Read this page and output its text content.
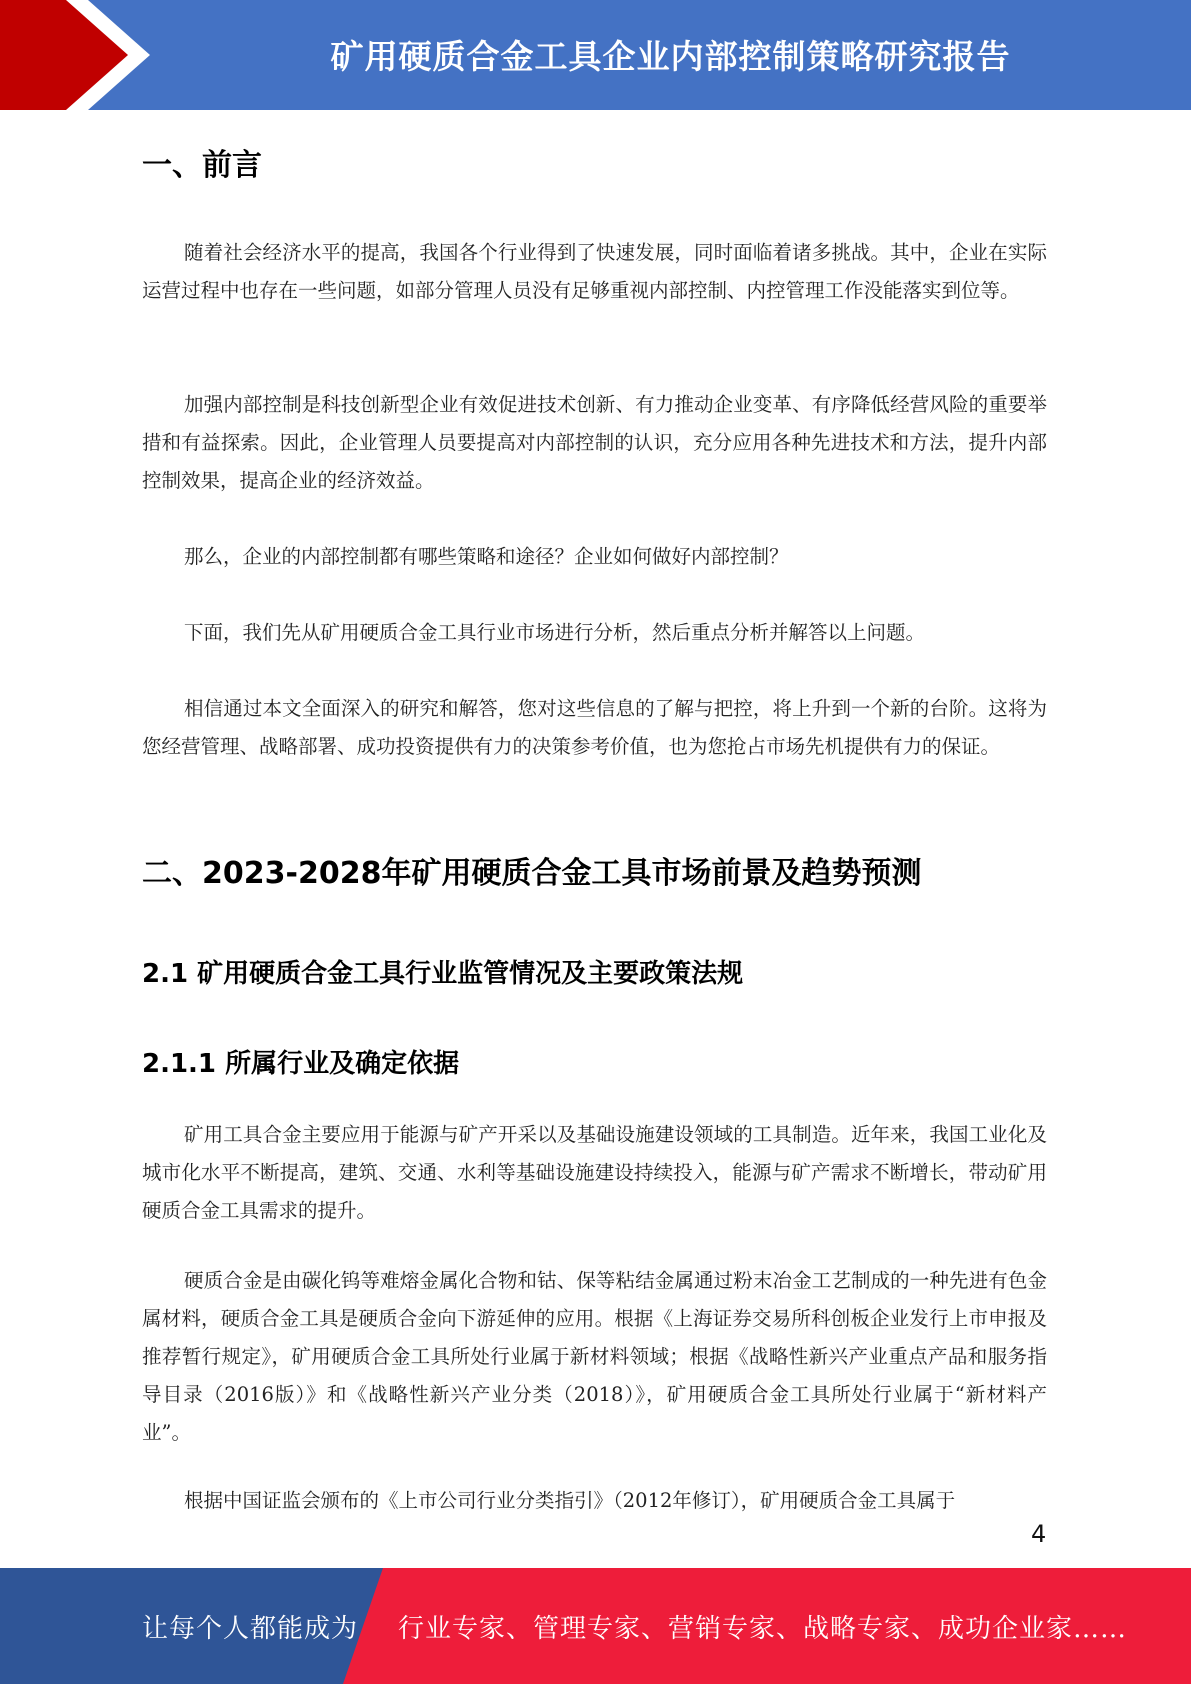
矿用硬质合金工具企业内部控制策略研究报告
一、前言
随着社会经济水平的提高，我国各个行业得到了快速发展，同时面临着诸多挑战。其中，企业在实际运营过程中也存在一些问题，如部分管理人员没有足够重视内部控制、内控管理工作没能落实到位等。
加强内部控制是科技创新型企业有效促进技术创新、有力推动企业变革、有序降低经营风险的重要举措和有益探索。因此，企业管理人员要提高对内部控制的认识，充分应用各种先进技术和方法，提升内部控制效果，提高企业的经济效益。
那么，企业的内部控制都有哪些策略和途径？企业如何做好内部控制？
下面，我们先从矿用硬质合金工具行业市场进行分析，然后重点分析并解答以上问题。
相信通过本文全面深入的研究和解答，您对这些信息的了解与把控，将上升到一个新的台阶。这将为您经营管理、战略部署、成功投资提供有力的决策参考价值，也为您抢占市场先机提供有力的保证。
二、2023-2028年矿用硬质合金工具市场前景及趋势预测
2.1 矿用硬质合金工具行业监管情况及主要政策法规
2.1.1 所属行业及确定依据
矿用工具合金主要应用于能源与矿产开采以及基础设施建设领域的工具制造。近年来，我国工业化及城市化水平不断提高，建筑、交通、水利等基础设施建设持续投入，能源与矿产需求不断增长，带动矿用硬质合金工具需求的提升。
硬质合金是由碳化钨等难熔金属化合物和钴、保等粘结金属通过粉末冶金工艺制成的一种先进有色金属材料，硬质合金工具是硬质合金向下游延伸的应用。根据《上海证券交易所科创板企业发行上市申报及推荐暂行规定》，矿用硬质合金工具所处行业属于新材料领域；根据《战略性新兴产业重点产品和服务指导目录（2016版）》和《战略性新兴产业分类（2018）》，矿用硬质合金工具所处行业属于“新材料产业”。
根据中国证监会颁布的《上市公司行业分类指引》（2012年修订），矿用硬质合金工具属于
4
让每个人都能成为 行业专家、管理专家、营销专家、战略专家、成功企业家……
